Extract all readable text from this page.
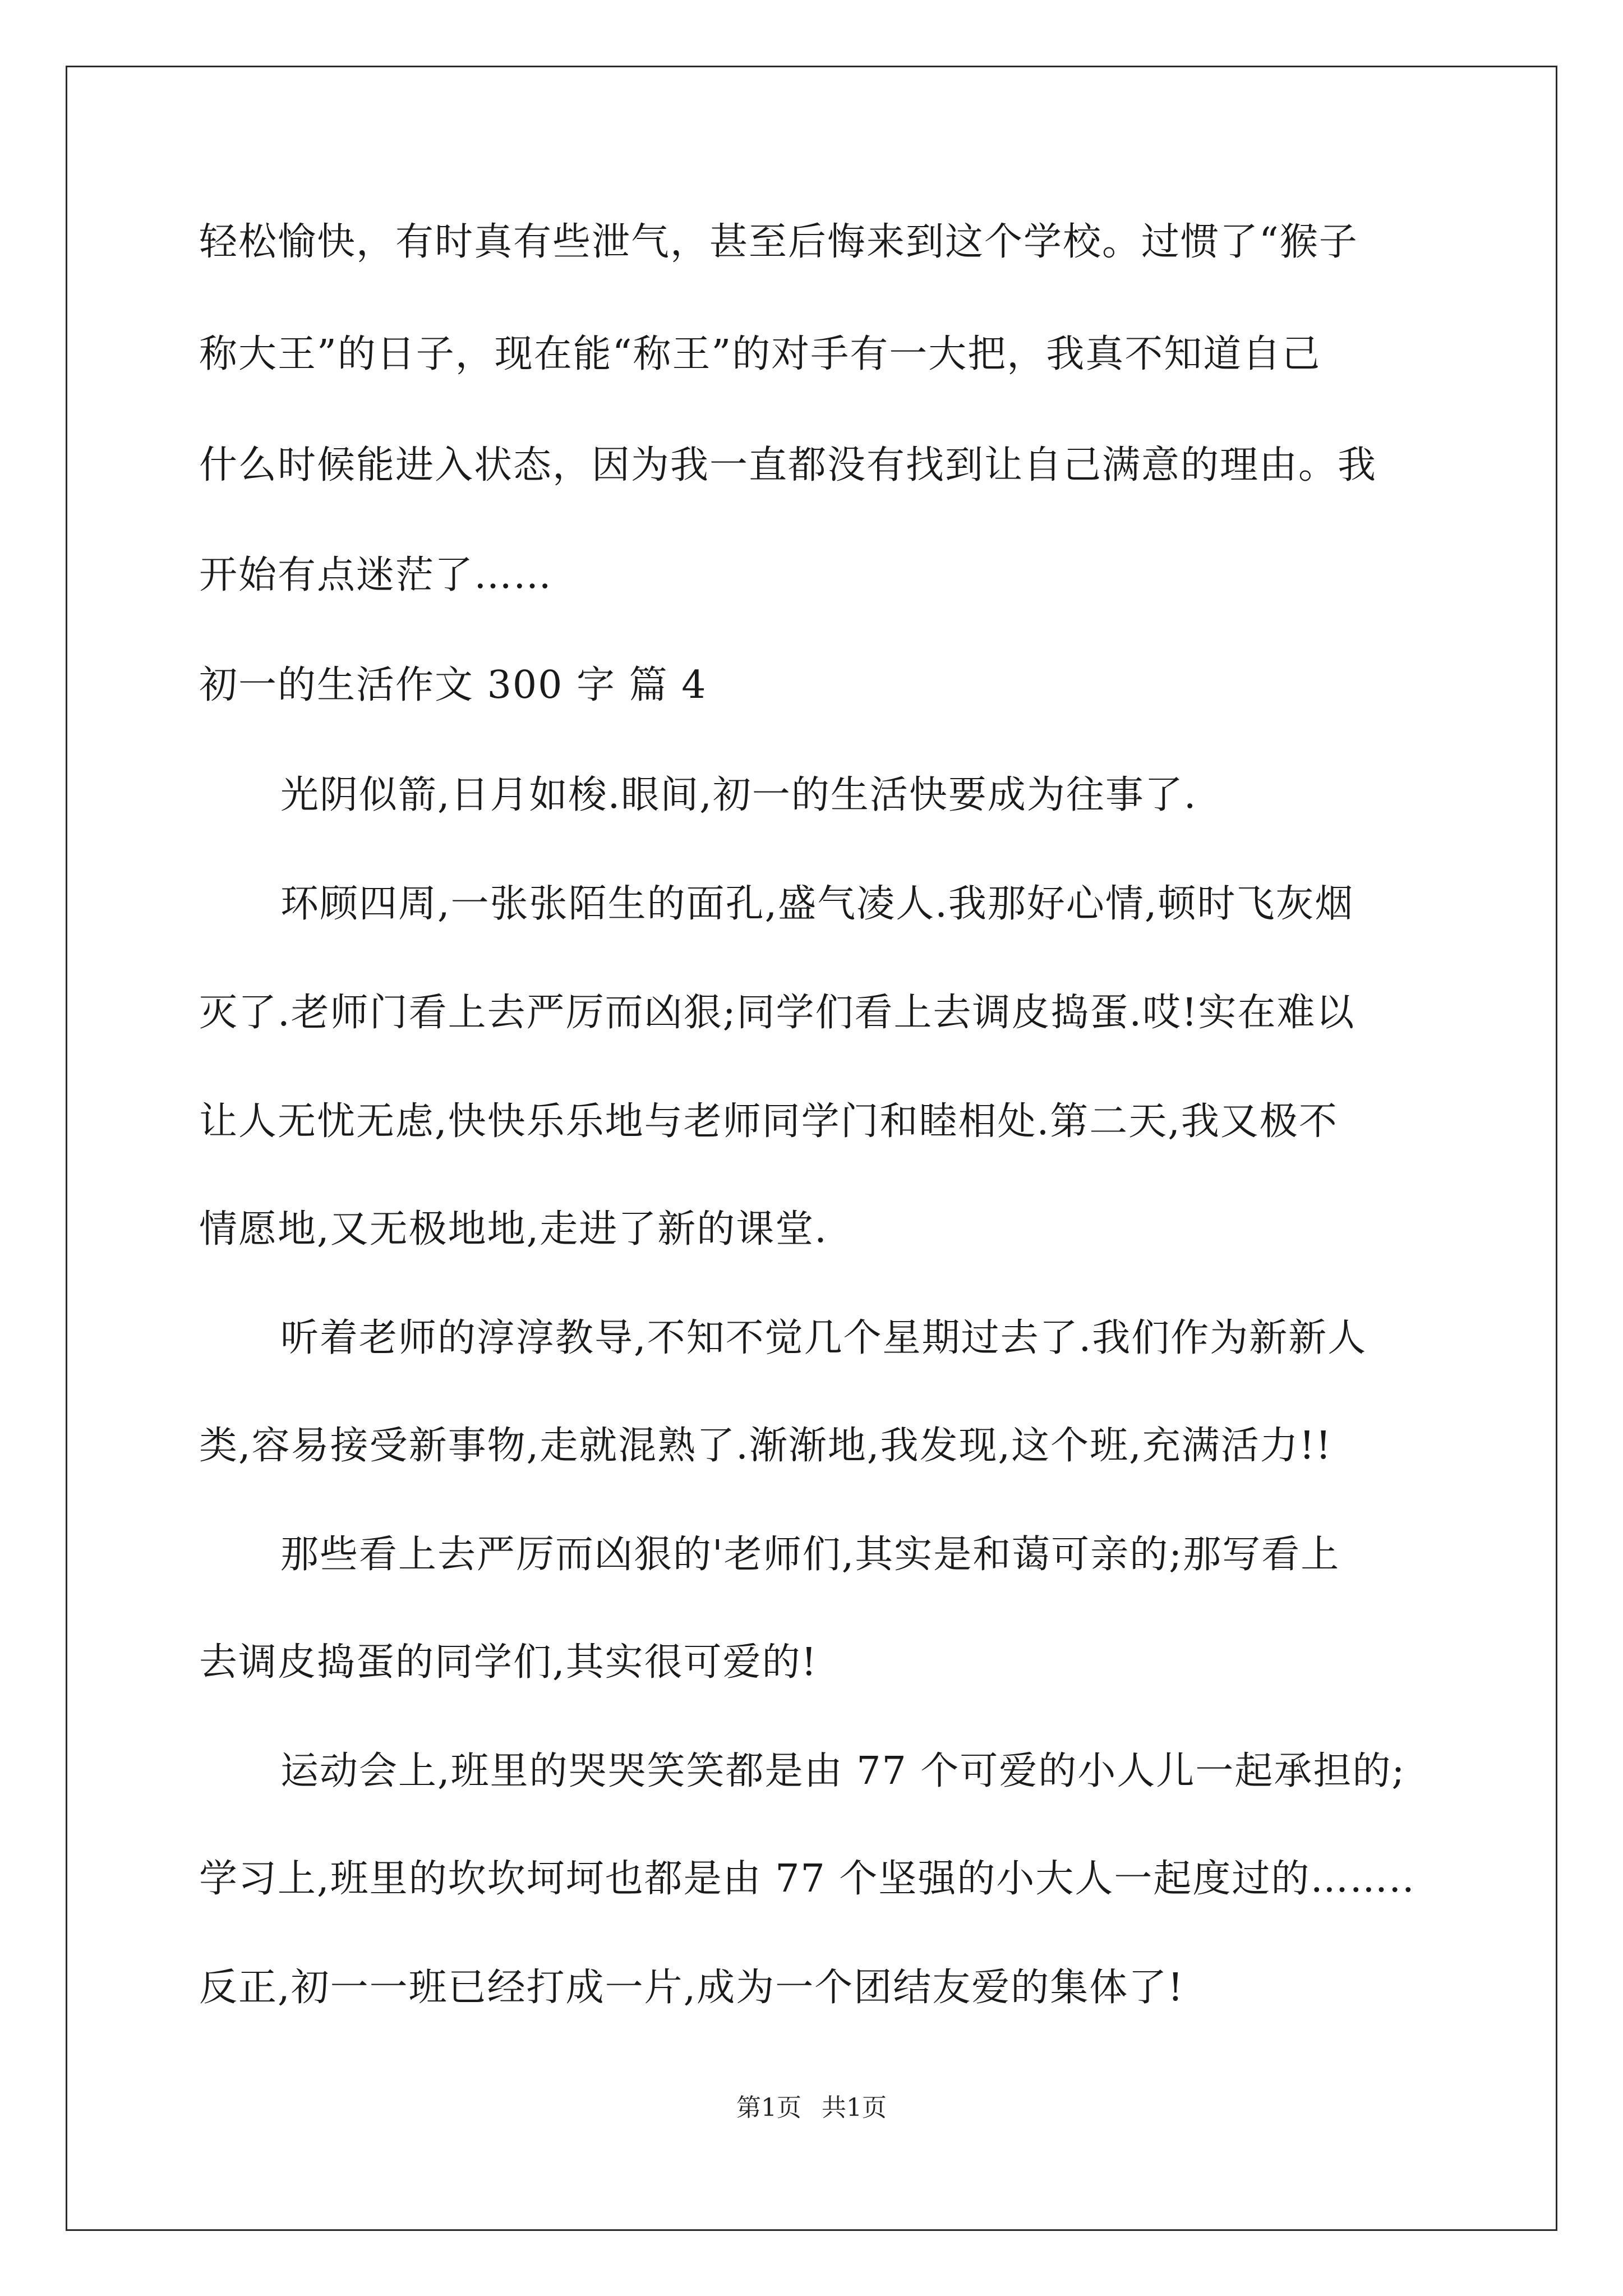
轻松愉快，有时真有些泄气，甚至后悔来到这个学校。过惯了“猴子
称大王”的日子，现在能“称王”的对手有一大把，我真不知道自己
什么时候能进入状态，因为我一直都没有找到让自己满意的理由。我
开始有点迷茫了……
初一的生活作文 300 字 篇 4
光阴似箭,日月如梭.眼间,初一的生活快要成为往事了.
环顾四周,一张张陌生的面孔,盛气凌人.我那好心情,顿时飞灰烟
灭了.老师门看上去严厉而凶狠;同学们看上去调皮捣蛋.哎!实在难以
让人无忧无虑,快快乐乐地与老师同学门和睦相处.第二天,我又极不
情愿地,又无极地地,走进了新的课堂.
听着老师的淳淳教导,不知不觉几个星期过去了.我们作为新新人
类,容易接受新事物,走就混熟了.渐渐地,我发现,这个班,充满活力!!
那些看上去严厉而凶狠的'老师们,其实是和蔼可亲的;那写看上
去调皮捣蛋的同学们,其实很可爱的!
运动会上,班里的哭哭笑笑都是由 77 个可爱的小人儿一起承担的;
学习上,班里的坎坎坷坷也都是由 77 个坚强的小大人一起度过的……..
反正,初一一班已经打成一片,成为一个团结友爱的集体了!
第1页 共1页
